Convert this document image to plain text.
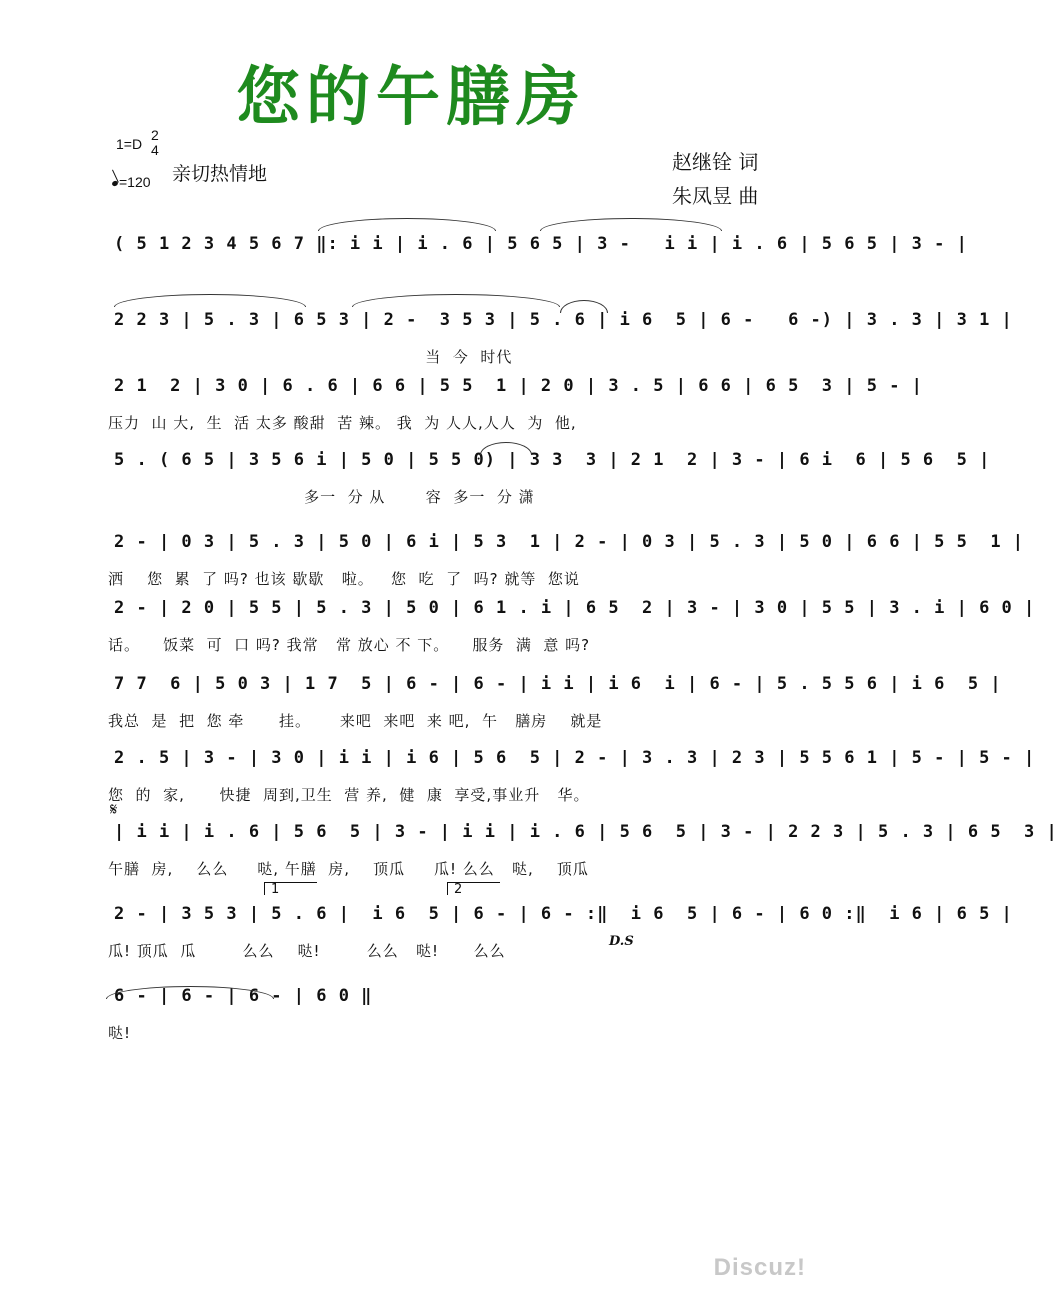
您的午膳房
1=D
2
4
=120 亲切热情地	赵继铨 词
朱凤昱 曲
( 5 1 2 3 4 5 6 7 ‖: i i | i . 6 | 5 6 5 | 3 -   i i | i . 6 | 5 6 5 | 3 - |
2 2 3 | 5 . 3 | 6 5 3 | 2 -  3 5 3 | 5 . 6 | i 6  5 | 6 -   6 -) | 3 . 3 | 3 1 |
当  今  时代
2 1  2 | 3 0 | 6 . 6 | 6 6 | 5 5  1 | 2 0 | 3 . 5 | 6 6 | 6 5  3 | 5 - |
压力  山 大,  生  活 太多 酸甜  苦 辣。 我  为 人人,人人  为  他,
5 . ( 6 5 | 3 5 6 i | 5 0 | 5 5 0) | 3 3  3 | 2 1  2 | 3 - | 6 i  6 | 5 6  5 |
多一  分 从       容  多一  分 潇
2 - | 0 3 | 5 . 3 | 5 0 | 6 i | 5 3  1 | 2 - | 0 3 | 5 . 3 | 5 0 | 6 6 | 5 5  1 |
洒    您  累  了 吗? 也该 歇歇   啦。   您  吃  了  吗? 就等  您说
2 - | 2 0 | 5 5 | 5 . 3 | 5 0 | 6 1 . i | 6 5  2 | 3 - | 3 0 | 5 5 | 3 . i | 6 0 |
话。    饭菜  可  口 吗? 我常   常 放心 不 下。    服务  满  意 吗?
7 7  6 | 5 0 3 | 1 7  5 | 6 - | 6 - | i i | i 6  i | 6 - | 5 . 5 5 6 | i 6  5 |
我总  是  把  您 牵      挂。     来吧  来吧  来 吧,  午   膳房    就是
2 . 5 | 3 - | 3 0 | i i | i 6 | 5 6  5 | 2 - | 3 . 3 | 2 3 | 5 5 6 1 | 5 - | 5 - |
您  的  家,      快捷  周到,卫生  营 养,  健  康  享受,事业升   华。
𝄋
| i i | i . 6 | 5 6  5 | 3 - | i i | i . 6 | 5 6  5 | 3 - | 2 2 3 | 5 . 3 | 6 5  3 |
午膳  房,    么么     哒, 午膳  房,    顶瓜     瓜! 么么   哒,    顶瓜
1	2
2 - | 3 5 3 | 5 . 6 |  i 6  5 | 6 - | 6 - :‖  i 6  5 | 6 - | 6 0 :‖  i 6 | 6 5 |
瓜! 顶瓜  瓜        么么    哒!        么么   哒!      么么
D.S
6 - | 6 - | 6 - | 6 0 ‖
哒!
Discuz!
